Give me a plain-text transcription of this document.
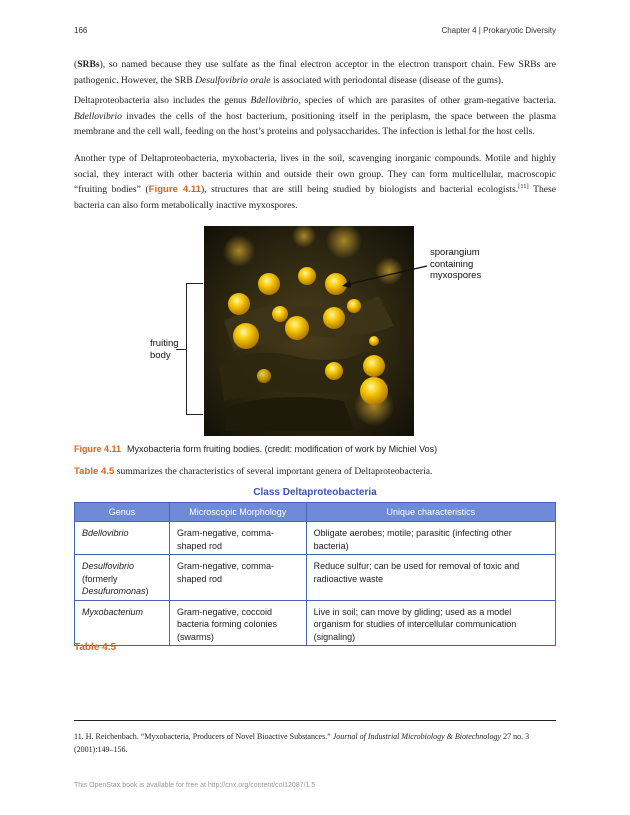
166	Chapter 4 | Prokaryotic Diversity
(SRBs), so named because they use sulfate as the final electron acceptor in the electron transport chain. Few SRBs are pathogenic. However, the SRB Desulfovibrio orale is associated with periodontal disease (disease of the gums).
Deltaproteobacteria also includes the genus Bdellovibrio, species of which are parasites of other gram-negative bacteria. Bdellovibrio invades the cells of the host bacterium, positioning itself in the periplasm, the space between the plasma membrane and the cell wall, feeding on the host’s proteins and polysaccharides. The infection is lethal for the host cells.
Another type of Deltaproteobacteria, myxobacteria, lives in the soil, scavenging inorganic compounds. Motile and highly social, they interact with other bacteria within and outside their own group. They can form multicellular, macroscopic “fruiting bodies” (Figure 4.11), structures that are still being studied by biologists and bacterial ecologists.[11] These bacteria can also form metabolically inactive myxospores.
fruiting
body
sporangium
containing
myxospores
Figure 4.11 Myxobacteria form fruiting bodies. (credit: modification of work by Michiel Vos)
Table 4.5 summarizes the characteristics of several important genera of Deltaproteobacteria.
Class Deltaproteobacteria
Genus	Microscopic Morphology	Unique characteristics
Bdellovibrio	Gram-negative, comma-shaped rod	Obligate aerobes; motile; parasitic (infecting other bacteria)
Desulfovibrio
(formerly
Desufuromonas)	Gram-negative, comma-shaped rod	Reduce sulfur; can be used for removal of toxic and radioactive waste
Myxobacterium	Gram-negative, coccoid bacteria forming colonies (swarms)	Live in soil; can move by gliding; used as a model organism for studies of intercellular communication (signaling)
Table 4.5
11. H. Reichenbach. “Myxobacteria, Producers of Novel Bioactive Substances.” Journal of Industrial Microbiology & Biotechnology 27 no. 3 (2001):149–156.
This OpenStax book is available for free at http://cnx.org/content/col12087/1.5
